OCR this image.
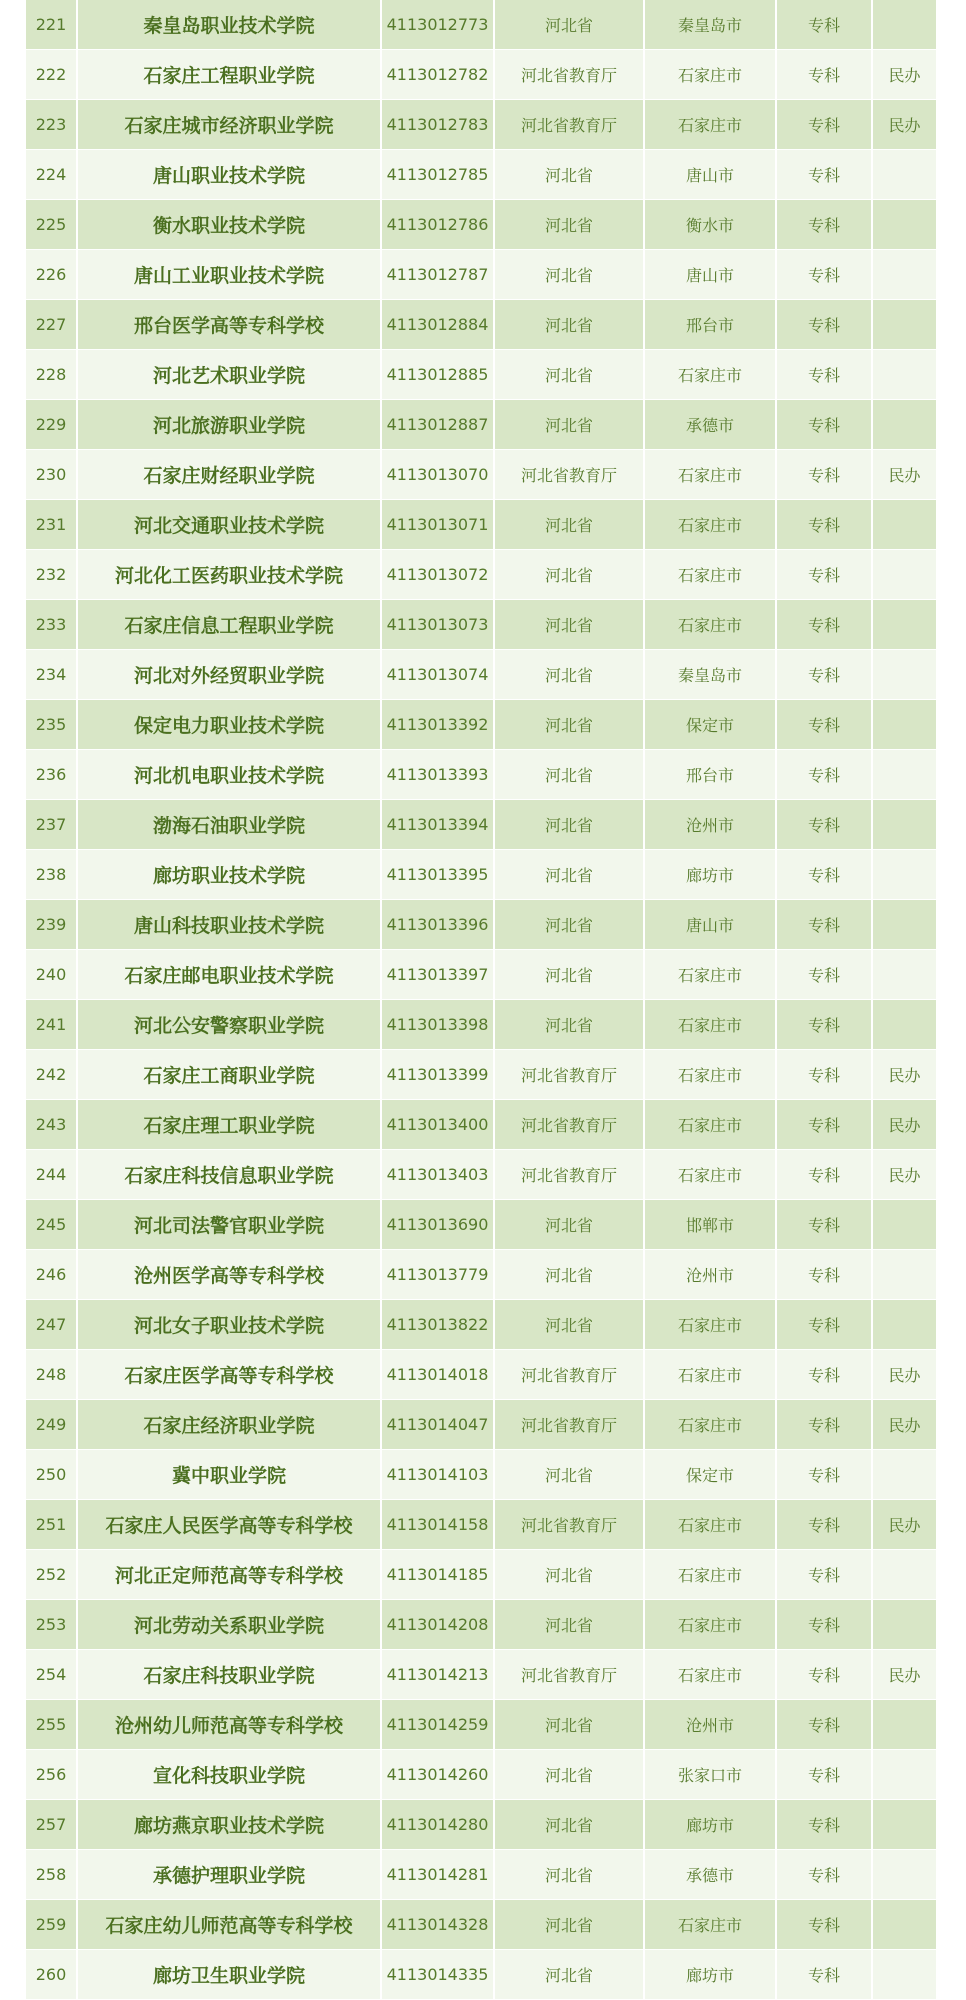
221	秦皇岛职业技术学院	4113012773	河北省	秦皇岛市	专科	
222	石家庄工程职业学院	4113012782	河北省教育厅	石家庄市	专科	民办
223	石家庄城市经济职业学院	4113012783	河北省教育厅	石家庄市	专科	民办
224	唐山职业技术学院	4113012785	河北省	唐山市	专科	
225	衡水职业技术学院	4113012786	河北省	衡水市	专科	
226	唐山工业职业技术学院	4113012787	河北省	唐山市	专科	
227	邢台医学高等专科学校	4113012884	河北省	邢台市	专科	
228	河北艺术职业学院	4113012885	河北省	石家庄市	专科	
229	河北旅游职业学院	4113012887	河北省	承德市	专科	
230	石家庄财经职业学院	4113013070	河北省教育厅	石家庄市	专科	民办
231	河北交通职业技术学院	4113013071	河北省	石家庄市	专科	
232	河北化工医药职业技术学院	4113013072	河北省	石家庄市	专科	
233	石家庄信息工程职业学院	4113013073	河北省	石家庄市	专科	
234	河北对外经贸职业学院	4113013074	河北省	秦皇岛市	专科	
235	保定电力职业技术学院	4113013392	河北省	保定市	专科	
236	河北机电职业技术学院	4113013393	河北省	邢台市	专科	
237	渤海石油职业学院	4113013394	河北省	沧州市	专科	
238	廊坊职业技术学院	4113013395	河北省	廊坊市	专科	
239	唐山科技职业技术学院	4113013396	河北省	唐山市	专科	
240	石家庄邮电职业技术学院	4113013397	河北省	石家庄市	专科	
241	河北公安警察职业学院	4113013398	河北省	石家庄市	专科	
242	石家庄工商职业学院	4113013399	河北省教育厅	石家庄市	专科	民办
243	石家庄理工职业学院	4113013400	河北省教育厅	石家庄市	专科	民办
244	石家庄科技信息职业学院	4113013403	河北省教育厅	石家庄市	专科	民办
245	河北司法警官职业学院	4113013690	河北省	邯郸市	专科	
246	沧州医学高等专科学校	4113013779	河北省	沧州市	专科	
247	河北女子职业技术学院	4113013822	河北省	石家庄市	专科	
248	石家庄医学高等专科学校	4113014018	河北省教育厅	石家庄市	专科	民办
249	石家庄经济职业学院	4113014047	河北省教育厅	石家庄市	专科	民办
250	冀中职业学院	4113014103	河北省	保定市	专科	
251	石家庄人民医学高等专科学校	4113014158	河北省教育厅	石家庄市	专科	民办
252	河北正定师范高等专科学校	4113014185	河北省	石家庄市	专科	
253	河北劳动关系职业学院	4113014208	河北省	石家庄市	专科	
254	石家庄科技职业学院	4113014213	河北省教育厅	石家庄市	专科	民办
255	沧州幼儿师范高等专科学校	4113014259	河北省	沧州市	专科	
256	宣化科技职业学院	4113014260	河北省	张家口市	专科	
257	廊坊燕京职业技术学院	4113014280	河北省	廊坊市	专科	
258	承德护理职业学院	4113014281	河北省	承德市	专科	
259	石家庄幼儿师范高等专科学校	4113014328	河北省	石家庄市	专科	
260	廊坊卫生职业学院	4113014335	河北省	廊坊市	专科	
